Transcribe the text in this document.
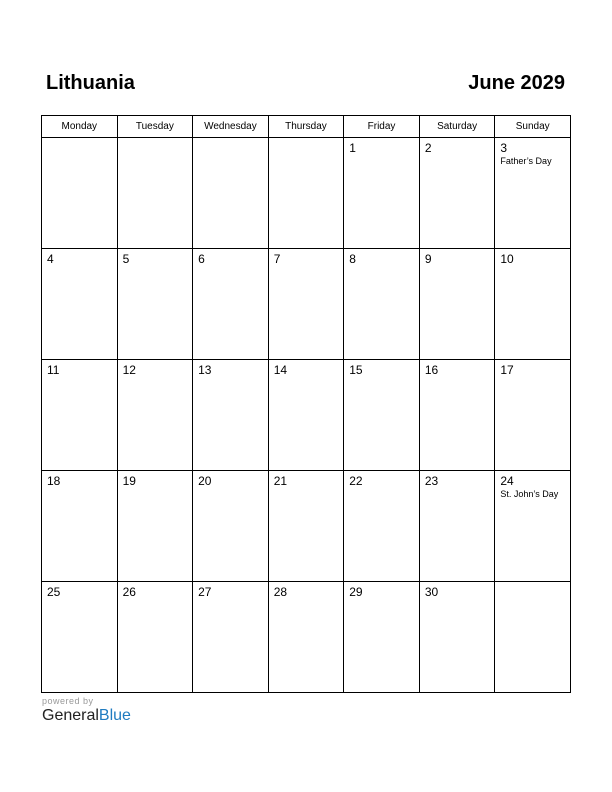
Lithuania	June 2029
Monday	Tuesday	Wednesday	Thursday	Friday	Saturday	Sunday

				1	2	3
Father’s Day

4	5	6	7	8	9	10

11	12	13	14	15	16	17

18	19	20	21	22	23	24
St. John’s Day

25	26	27	28	29	30	

powered by
GeneralBlue
